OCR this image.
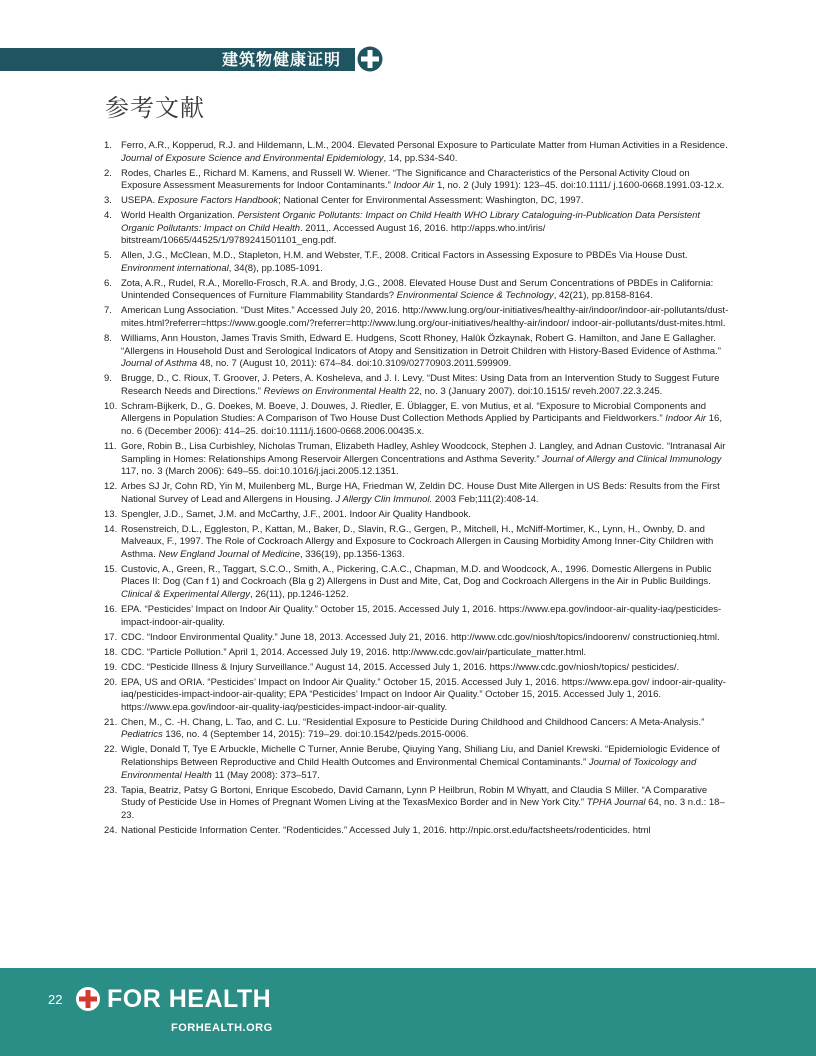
建筑物健康证明
参考文献
1. Ferro, A.R., Kopperud, R.J. and Hildemann, L.M., 2004. Elevated Personal Exposure to Particulate Matter from Human Activities in a Residence. Journal of Exposure Science and Environmental Epidemiology, 14, pp.S34-S40.
2. Rodes, Charles E., Richard M. Kamens, and Russell W. Wiener. “The Significance and Characteristics of the Personal Activity Cloud on Exposure Assessment Measurements for Indoor Contaminants.” Indoor Air 1, no. 2 (July 1991): 123–45. doi:10.1111/ j.1600-0668.1991.03-12.x.
3. USEPA. Exposure Factors Handbook; National Center for Environmental Assessment: Washington, DC, 1997.
4. World Health Organization. Persistent Organic Pollutants: Impact on Child Health WHO Library Cataloguing-in-Publication Data Persistent Organic Pollutants: Impact on Child Health. 2011,. Accessed August 16, 2016. http://apps.who.int/iris/ bitstream/10665/44525/1/9789241501101_eng.pdf.
5. Allen, J.G., McClean, M.D., Stapleton, H.M. and Webster, T.F., 2008. Critical Factors in Assessing Exposure to PBDEs Via House Dust. Environment international, 34(8), pp.1085-1091.
6. Zota, A.R., Rudel, R.A., Morello-Frosch, R.A. and Brody, J.G., 2008. Elevated House Dust and Serum Concentrations of PBDEs in California: Unintended Consequences of Furniture Flammability Standards? Environmental Science & Technology, 42(21), pp.8158-8164.
7. American Lung Association. “Dust Mites.” Accessed July 20, 2016. http://www.lung.org/our-initiatives/healthy-air/indoor/indoor-air-pollutants/dust-mites.html?referrer=https://www.google.com/?referrer=http://www.lung.org/our-initiatives/healthy-air/indoor/ indoor-air-pollutants/dust-mites.html.
8. Williams, Ann Houston, James Travis Smith, Edward E. Hudgens, Scott Rhoney, Halûk Özkaynak, Robert G. Hamilton, and Jane E Gallagher. “Allergens in Household Dust and Serological Indicators of Atopy and Sensitization in Detroit Children with History-Based Evidence of Asthma.” Journal of Asthma 48, no. 7 (August 10, 2011): 674–84. doi:10.3109/02770903.2011.599909.
9. Brugge, D., C. Rioux, T. Groover, J. Peters, A. Kosheleva, and J. I. Levy. “Dust Mites: Using Data from an Intervention Study to Suggest Future Research Needs and Directions.” Reviews on Environmental Health 22, no. 3 (January 2007). doi:10.1515/ reveh.2007.22.3.245.
10. Schram-Bijkerk, D., G. Doekes, M. Boeve, J. Douwes, J. Riedler, E. Üblagger, E. von Mutius, et al. “Exposure to Microbial Components and Allergens in Population Studies: A Comparison of Two House Dust Collection Methods Applied by Participants and Fieldworkers.” Indoor Air 16, no. 6 (December 2006): 414–25. doi:10.1111/j.1600-0668.2006.00435.x.
11. Gore, Robin B., Lisa Curbishley, Nicholas Truman, Elizabeth Hadley, Ashley Woodcock, Stephen J. Langley, and Adnan Custovic. “Intranasal Air Sampling in Homes: Relationships Among Reservoir Allergen Concentrations and Asthma Severity.” Journal of Allergy and Clinical Immunology 117, no. 3 (March 2006): 649–55. doi:10.1016/j.jaci.2005.12.1351.
12. Arbes SJ Jr, Cohn RD, Yin M, Muilenberg ML, Burge HA, Friedman W, Zeldin DC. House Dust Mite Allergen in US Beds: Results from the First National Survey of Lead and Allergens in Housing. J Allergy Clin Immunol. 2003 Feb;111(2):408-14.
13. Spengler, J.D., Samet, J.M. and McCarthy, J.F., 2001. Indoor Air Quality Handbook.
14. Rosenstreich, D.L., Eggleston, P., Kattan, M., Baker, D., Slavin, R.G., Gergen, P., Mitchell, H., McNiff-Mortimer, K., Lynn, H., Ownby, D. and Malveaux, F., 1997. The Role of Cockroach Allergy and Exposure to Cockroach Allergen in Causing Morbidity Among Inner-City Children with Asthma. New England Journal of Medicine, 336(19), pp.1356-1363.
15. Custovic, A., Green, R., Taggart, S.C.O., Smith, A., Pickering, C.A.C., Chapman, M.D. and Woodcock, A., 1996. Domestic Allergens in Public Places II: Dog (Can f 1) and Cockroach (Bla g 2) Allergens in Dust and Mite, Cat, Dog and Cockroach Allergens in the Air in Public Buildings. Clinical & Experimental Allergy, 26(11), pp.1246-1252.
16. EPA. “Pesticides’ Impact on Indoor Air Quality.” October 15, 2015. Accessed July 1, 2016. https://www.epa.gov/indoor-air-quality-iaq/pesticides-impact-indoor-air-quality.
17. CDC. “Indoor Environmental Quality.” June 18, 2013. Accessed July 21, 2016. http://www.cdc.gov/niosh/topics/indoorenv/ constructionieq.html.
18. CDC. “Particle Pollution.” April 1, 2014. Accessed July 19, 2016. http://www.cdc.gov/air/particulate_matter.html.
19. CDC. “Pesticide Illness & Injury Surveillance.” August 14, 2015. Accessed July 1, 2016. https://www.cdc.gov/niosh/topics/ pesticides/.
20. EPA, US and ORIA. “Pesticides’ Impact on Indoor Air Quality.” October 15, 2015. Accessed July 1, 2016. https://www.epa.gov/ indoor-air-quality-iaq/pesticides-impact-indoor-air-quality; EPA “Pesticides’ Impact on Indoor Air Quality.” October 15, 2015. Accessed July 1, 2016. https://www.epa.gov/indoor-air-quality-iaq/pesticides-impact-indoor-air-quality.
21. Chen, M., C. -H. Chang, L. Tao, and C. Lu. “Residential Exposure to Pesticide During Childhood and Childhood Cancers: A Meta-Analysis.” Pediatrics 136, no. 4 (September 14, 2015): 719–29. doi:10.1542/peds.2015-0006.
22. Wigle, Donald T, Tye E Arbuckle, Michelle C Turner, Annie Berube, Qiuying Yang, Shiliang Liu, and Daniel Krewski. “Epidemiologic Evidence of Relationships Between Reproductive and Child Health Outcomes and Environmental Chemical Contaminants.” Journal of Toxicology and Environmental Health 11 (May 2008): 373–517.
23. Tapia, Beatriz, Patsy G Bortoni, Enrique Escobedo, David Camann, Lynn P Heilbrun, Robin M Whyatt, and Claudia S Miller. “A Comparative Study of Pesticide Use in Homes of Pregnant Women Living at the TexasMexico Border and in New York City.” TPHA Journal 64, no. 3 n.d.: 18–23.
24. National Pesticide Information Center. “Rodenticides.” Accessed July 1, 2016. http://npic.orst.edu/factsheets/rodenticides. html
22 FOR HEALTH
FORHEALTH.ORG
